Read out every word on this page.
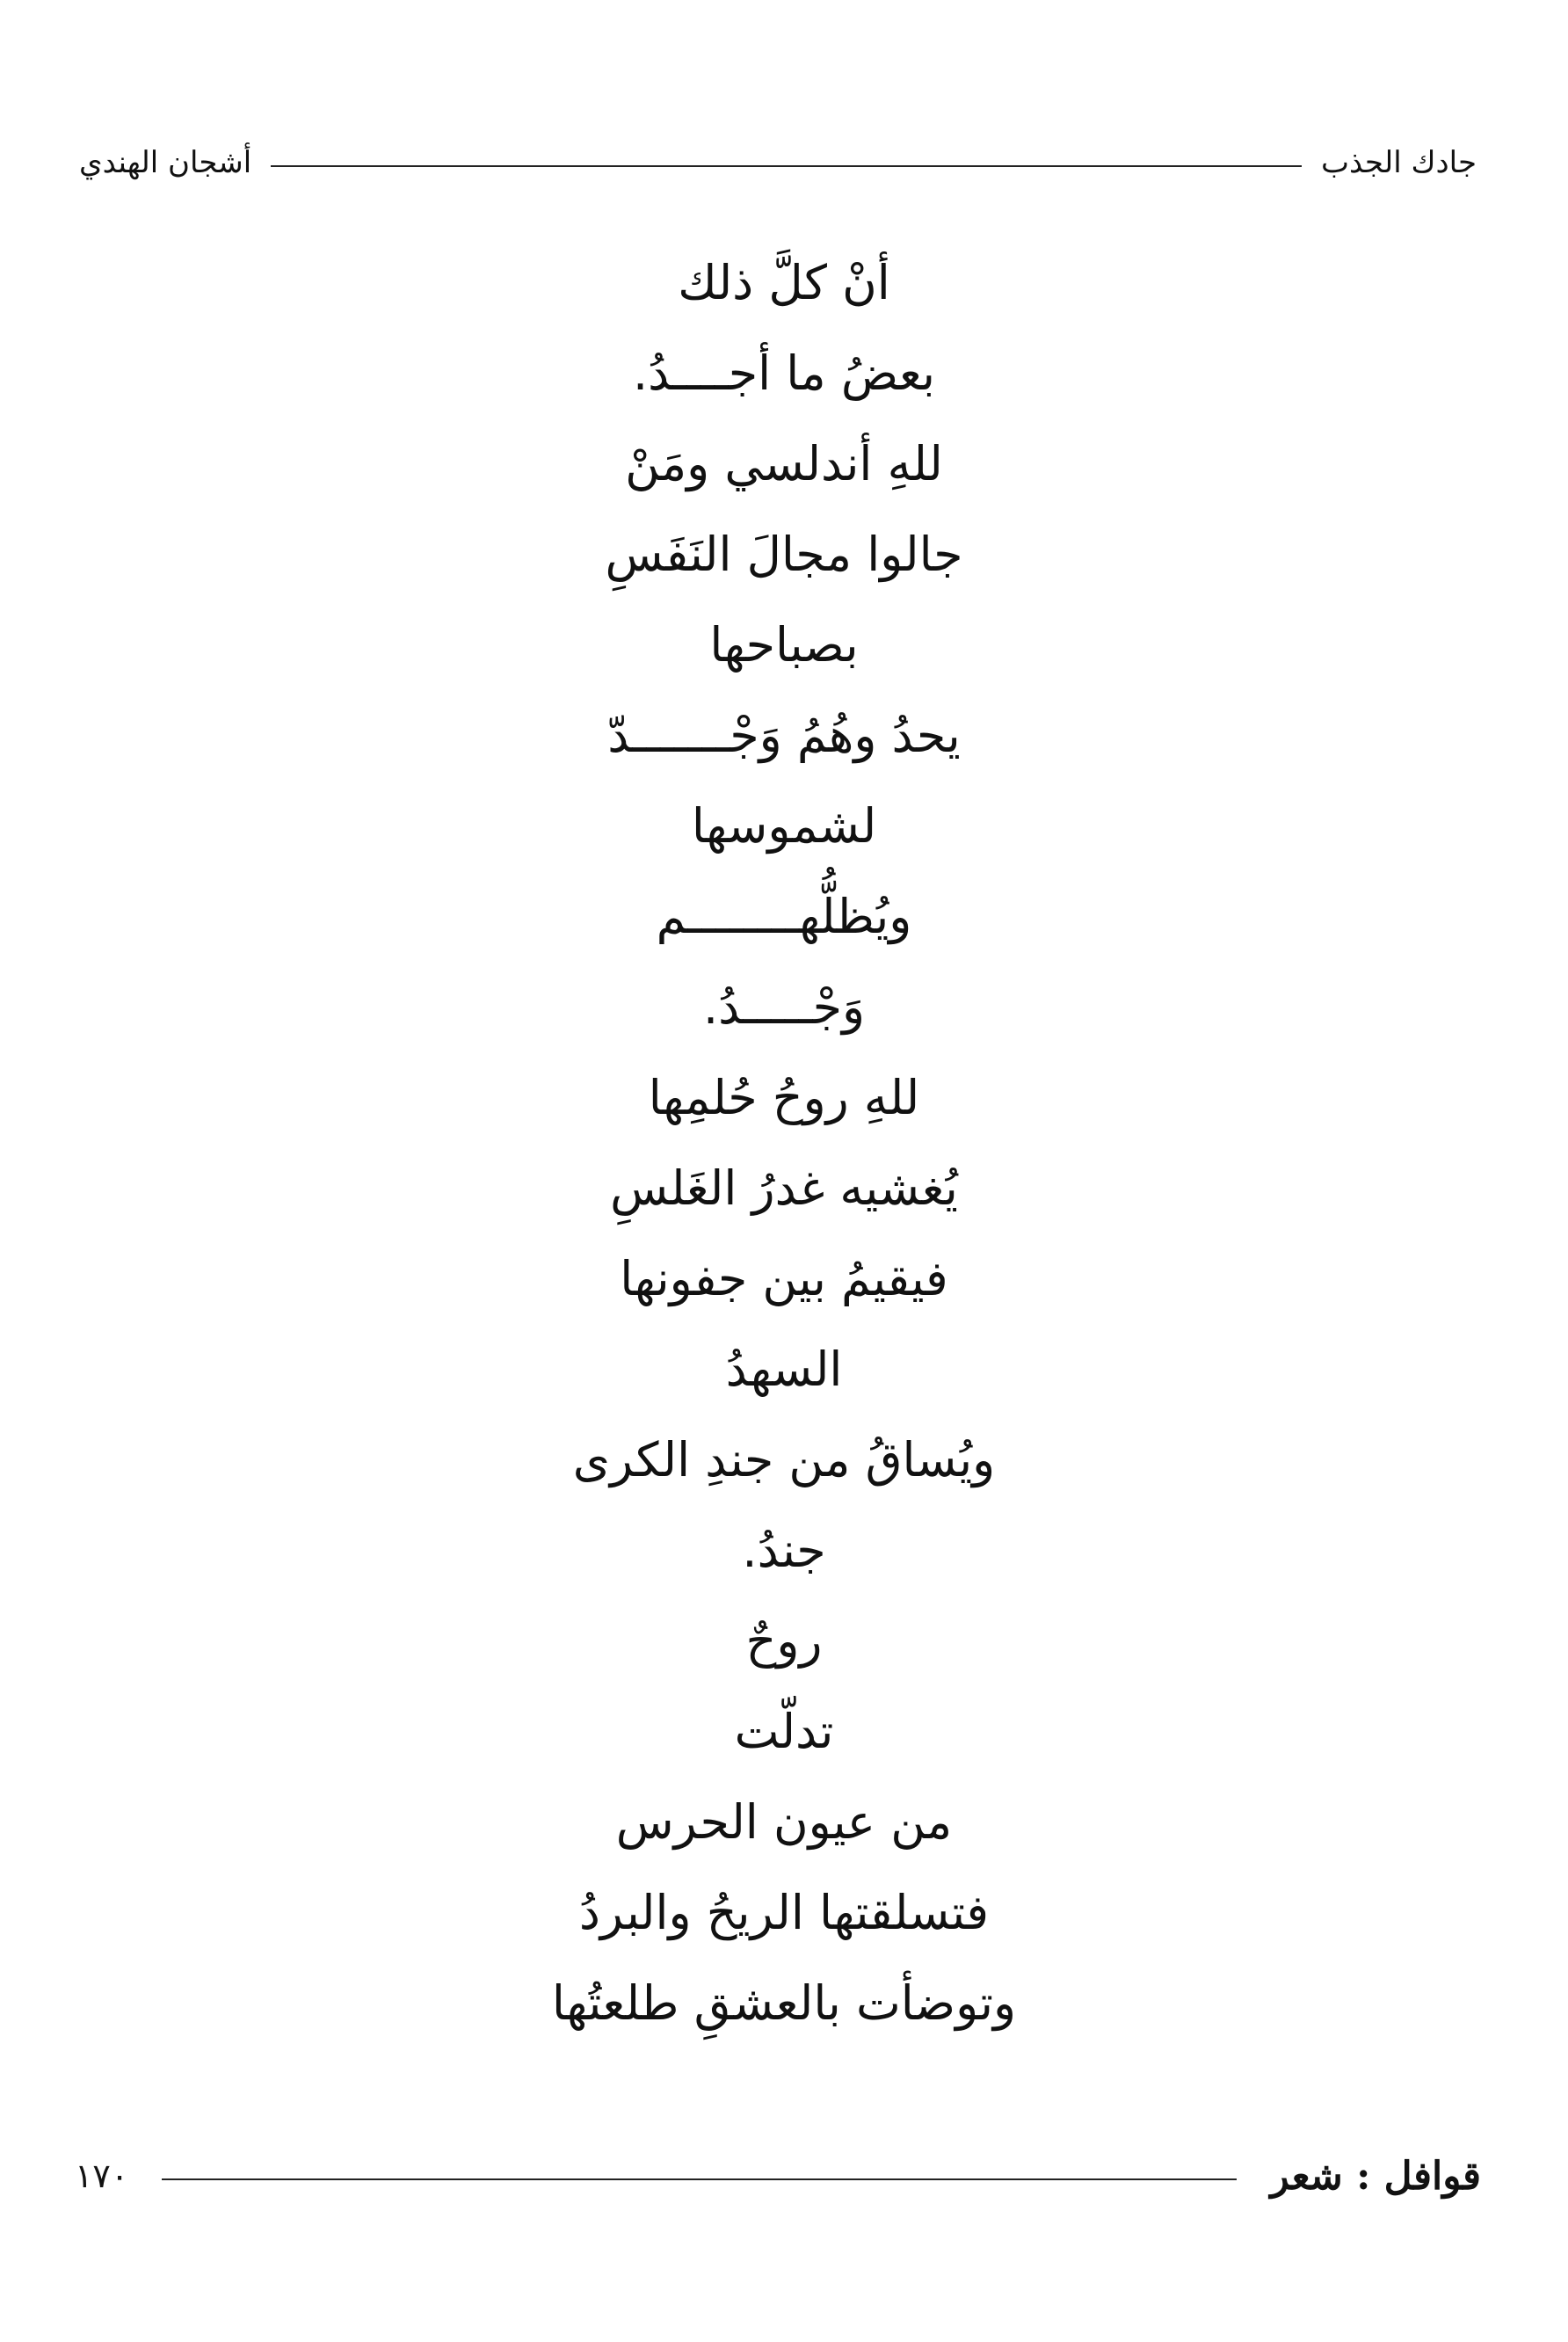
جادك الجذب
أشجان الهندي
أنْ كلَّ ذلك
بعضُ ما أجــــدُ.
للهِ أندلسي ومَنْ
جالوا مجالَ النَفَسِ
بصباحها
يحدُ وهُمُ وَجْـــــــدّ
لشموسها
ويُظلُّهــــــــم
وَجْـــــدُ.
للهِ روحُ حُلمِها
يُغشيه غدرُ الغَلسِ
فيقيمُ بين جفونها
السهدُ
ويُساقُ من جندِ الكرى
جندُ.
روحٌ
تدلّت
من عيون الحرس
فتسلقتها الريحُ والبردُ
وتوضأت بالعشقِ طلعتُها
قوافل : شعر
١٧٠
